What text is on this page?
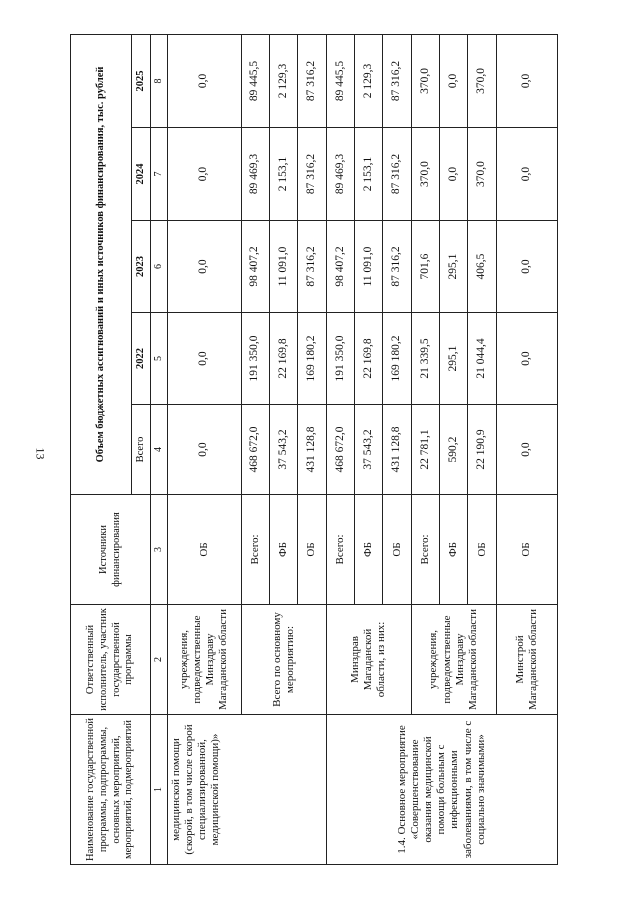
13
Наименование государственной программы, подпрограммы, основных мероприятий, мероприятий, подмероприятий	Ответственный исполнитель, участник государственной программы	Источники финансирования	Объем бюджетных ассигнований и иных источников финансирования, тыс. рублей				
			Всего	2022	2023	2024	2025
1	2	3	4	5	6	7	8
медицинской помощи (скорой, в том числе скорой специализированной, медицинской помощи)»	учреждения, подведомственные Минздраву Магаданской области	ОБ	0,0	0,0	0,0	0,0	0,0
	Всего по основному мероприятию:	Всего:	468 672,0	191 350,0	98 407,2	89 469,3	89 445,5
		ФБ	37 543,2	22 169,8	11 091,0	2 153,1	2 129,3
		ОБ	431 128,8	169 180,2	87 316,2	87 316,2	87 316,2
1.4. Основное мероприятие «Совершенствование оказания медицинской помощи больным с инфекционными заболеваниями, в том числе с социально значимыми»	Минздрав Магаданской области, из них:	Всего:	468 672,0	191 350,0	98 407,2	89 469,3	89 445,5
		ФБ	37 543,2	22 169,8	11 091,0	2 153,1	2 129,3
		ОБ	431 128,8	169 180,2	87 316,2	87 316,2	87 316,2
	учреждения, подведомственные Минздраву Магаданской области	Всего:	22 781,1	21 339,5	701,6	370,0	370,0
		ФБ	590,2	295,1	295,1	0,0	0,0
		ОБ	22 190,9	21 044,4	406,5	370,0	370,0
	Минстрой Магаданской области	ОБ	0,0	0,0	0,0	0,0	0,0
